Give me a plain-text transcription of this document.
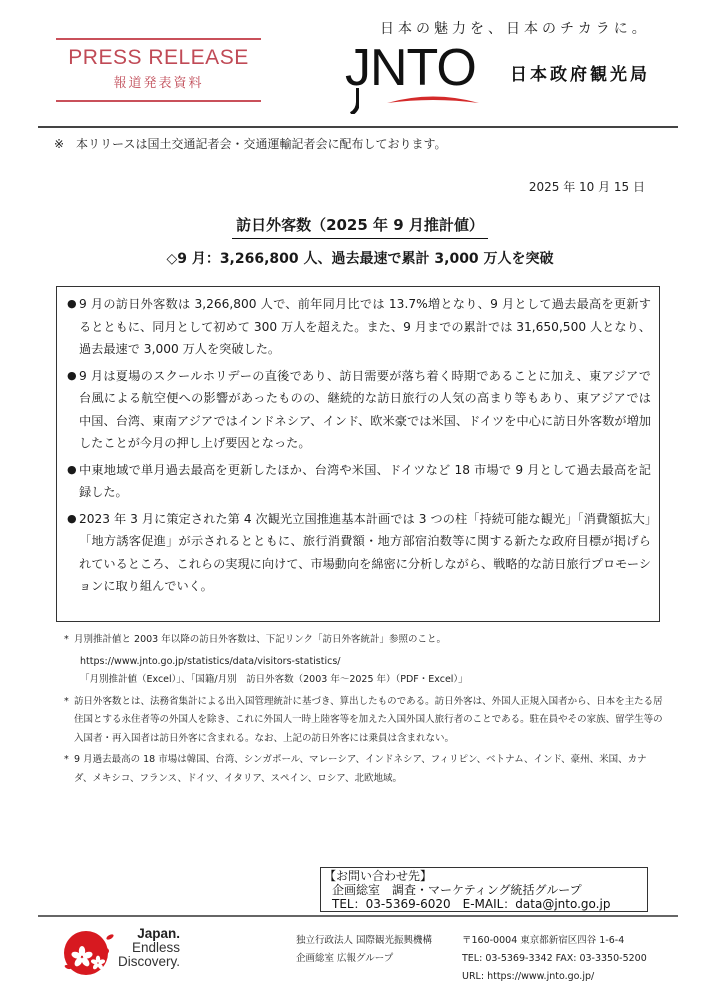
PRESS RELEASE
報道発表資料
日本の魅力を、日本のチカラに。
JNTO 日本政府観光局
※　本リリースは国土交通記者会・交通運輸記者会に配布しております。
2025 年 10 月 15 日
訪日外客数（2025 年 9 月推計値）
◇9 月：3,266,800 人、過去最速で累計 3,000 万人を突破
● 9 月の訪日外客数は 3,266,800 人で、前年同月比では 13.7%増となり、9 月として過去最高を更新するとともに、同月として初めて 300 万人を超えた。また、9 月までの累計では 31,650,500 人となり、過去最速で 3,000 万人を突破した。
● 9 月は夏場のスクールホリデーの直後であり、訪日需要が落ち着く時期であることに加え、東アジアで台風による航空便への影響があったものの、継続的な訪日旅行の人気の高まり等もあり、東アジアでは中国、台湾、東南アジアではインドネシア、インド、欧米豪では米国、ドイツを中心に訪日外客数が増加したことが今月の押し上げ要因となった。
● 中東地域で単月過去最高を更新したほか、台湾や米国、ドイツなど 18 市場で 9 月として過去最高を記録した。
● 2023 年 3 月に策定された第 4 次観光立国推進基本計画では 3 つの柱「持続可能な観光」「消費額拡大」「地方誘客促進」が示されるとともに、旅行消費額・地方部宿泊数等に関する新たな政府目標が掲げられているところ、これらの実現に向けて、市場動向を綿密に分析しながら、戦略的な訪日旅行プロモーションに取り組んでいく。
* 月別推計値と 2003 年以降の訪日外客数は、下記リンク「訪日外客統計」参照のこと。
https://www.jnto.go.jp/statistics/data/visitors-statistics/
「月別推計値（Excel）」、「国籍/月別　訪日外客数（2003 年～2025 年）（PDF・Excel）」
* 訪日外客数とは、法務省集計による出入国管理統計に基づき、算出したものである。訪日外客は、外国人正規入国者から、日本を主たる居住国とする永住者等の外国人を除き、これに外国人一時上陸客等を加えた入国外国人旅行者のことである。駐在員やその家族、留学生等の入国者・再入国者は訪日外客に含まれる。なお、上記の訪日外客には乗員は含まれない。
* 9 月過去最高の 18 市場は韓国、台湾、シンガポール、マレーシア、インドネシア、フィリピン、ベトナム、インド、豪州、米国、カナダ、メキシコ、フランス、ドイツ、イタリア、スペイン、ロシア、北欧地域。
【お問い合わせ先】
企画総室　調査・マーケティング統括グループ
TEL：03-5369-6020　E-MAIL：data@jnto.go.jp
Japan.
Endless
Discovery.
独立行政法人 国際観光振興機構
企画総室 広報グループ
〒160-0004 東京都新宿区四谷 1-6-4
TEL: 03-5369-3342 FAX: 03-3350-5200
URL: https://www.jnto.go.jp/
